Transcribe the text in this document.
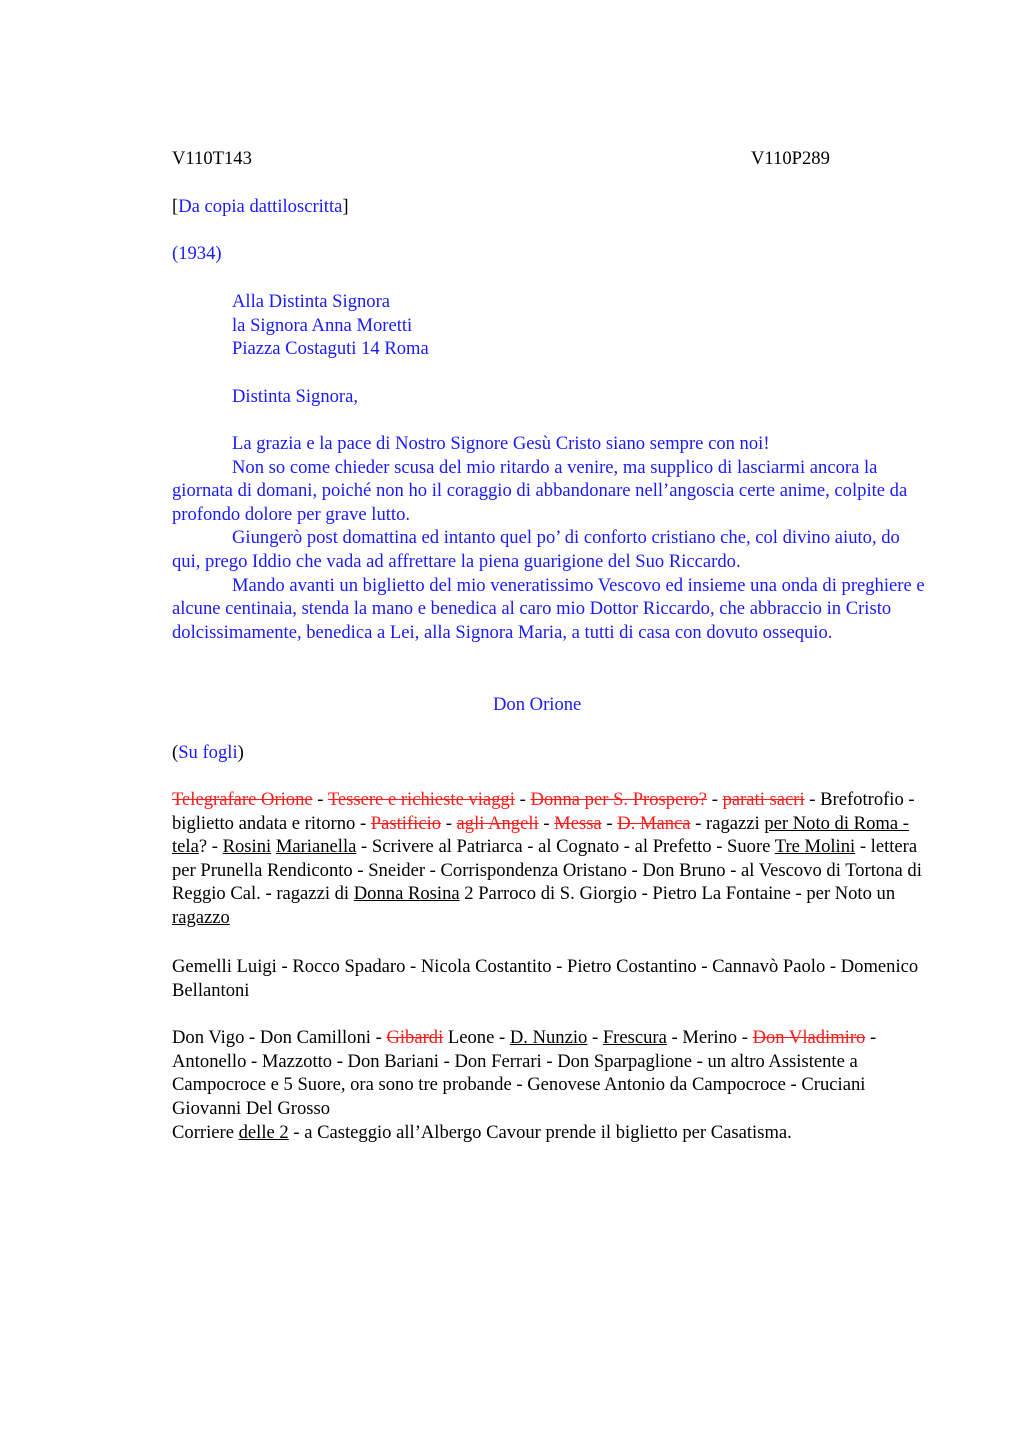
V110T143	V110P289

[Da copia dattiloscritta]

(1934)

Alla Distinta Signora
la Signora Anna Moretti
Piazza Costaguti 14 Roma

Distinta Signora,

La grazia e la pace di Nostro Signore Gesù Cristo siano sempre con noi!

Non so come chieder scusa del mio ritardo a venire, ma supplico di lasciarmi ancora la giornata di domani, poiché non ho il coraggio di abbandonare nell’angoscia certe anime, colpite da profondo dolore per grave lutto.

Giungerò post domattina ed intanto quel po’ di conforto cristiano che, col divino aiuto, do qui, prego Iddio che vada ad affrettare la piena guarigione del Suo Riccardo.

Mando avanti un biglietto del mio veneratissimo Vescovo ed insieme una onda di preghiere e alcune centinaia, stenda la mano e benedica al caro mio Dottor Riccardo, che abbraccio in Cristo dolcissimamente, benedica a Lei, alla Signora Maria, a tutti di casa con dovuto ossequio.

Don Orione

(Su fogli)

Telegrafare Orione - Tessere e richieste viaggi - Donna per S. Prospero? - parati sacri - Brefotrofio - biglietto andata e ritorno - Pastificio - agli Angeli - Messa - D. Manca - ragazzi per Noto di Roma - tela? - Rosini Marianella - Scrivere al Patriarca - al Cognato - al Prefetto - Suore Tre Molini - lettera per Prunella Rendiconto - Sneider - Corrispondenza Oristano - Don Bruno - al Vescovo di Tortona di Reggio Cal. - ragazzi di Donna Rosina 2 Parroco di S. Giorgio - Pietro La Fontaine - per Noto un ragazzo

Gemelli Luigi - Rocco Spadaro - Nicola Costantito - Pietro Costantino - Cannavò Paolo - Domenico Bellantoni

Don Vigo - Don Camilloni - Gibardi Leone - D. Nunzio - Frescura - Merino - Don Vladimiro - Antonello - Mazzotto - Don Bariani - Don Ferrari - Don Sparpaglione - un altro Assistente a Campocroce e 5 Suore, ora sono tre probande - Genovese Antonio da Campocroce - Cruciani Giovanni Del Grosso

Corriere delle 2 - a Casteggio all’Albergo Cavour prende il biglietto per Casatisma.
